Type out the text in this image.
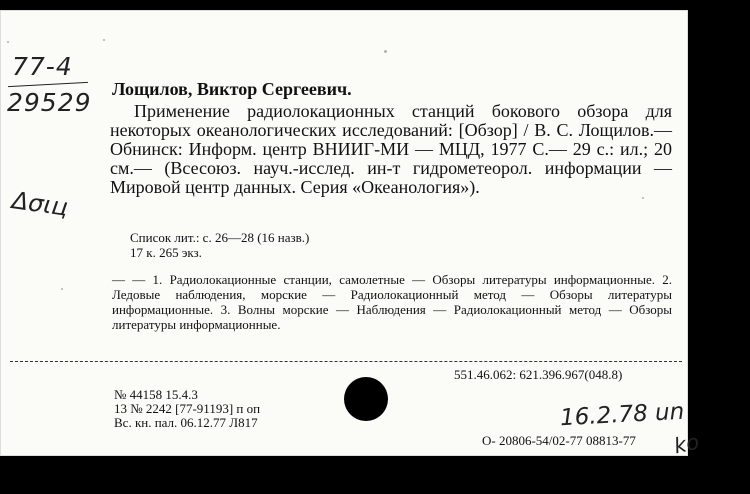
77-4
29529
Δσιц
Лощилов, Виктор Сергеевич.

Применение радиолокационных станций бокового обзора для некоторых океанологических исследований: [Обзор] / В. С. Лощилов.— Обнинск: Информ. центр ВНИИГ-МИ — МЦД, 1977 С.— 29 с.: ил.; 20 см.— (Всесоюз. науч.-исслед. ин-т гидрометеорол. информации — Мировой центр данных. Серия «Океанология»).

Список лит.: с. 26—28 (16 назв.)
17 к. 265 экз.

— — 1. Радиолокационные станции, самолетные — Обзоры литературы информационные. 2. Ледовые наблюдения, морские — Радиолокационный метод — Обзоры литературы информационные. 3. Волны морские — Наблюдения — Радиолокационный метод — Обзоры литературы информационные.

551.46.062: 621.396.967(048.8)
№ 44158 15.4.3
13 № 2242 [77-91193] п оп
Вс. кн. пал. 06.12.77 Л817	16.2.78 un
О- 20806-54/02-77 08813-77 ko
